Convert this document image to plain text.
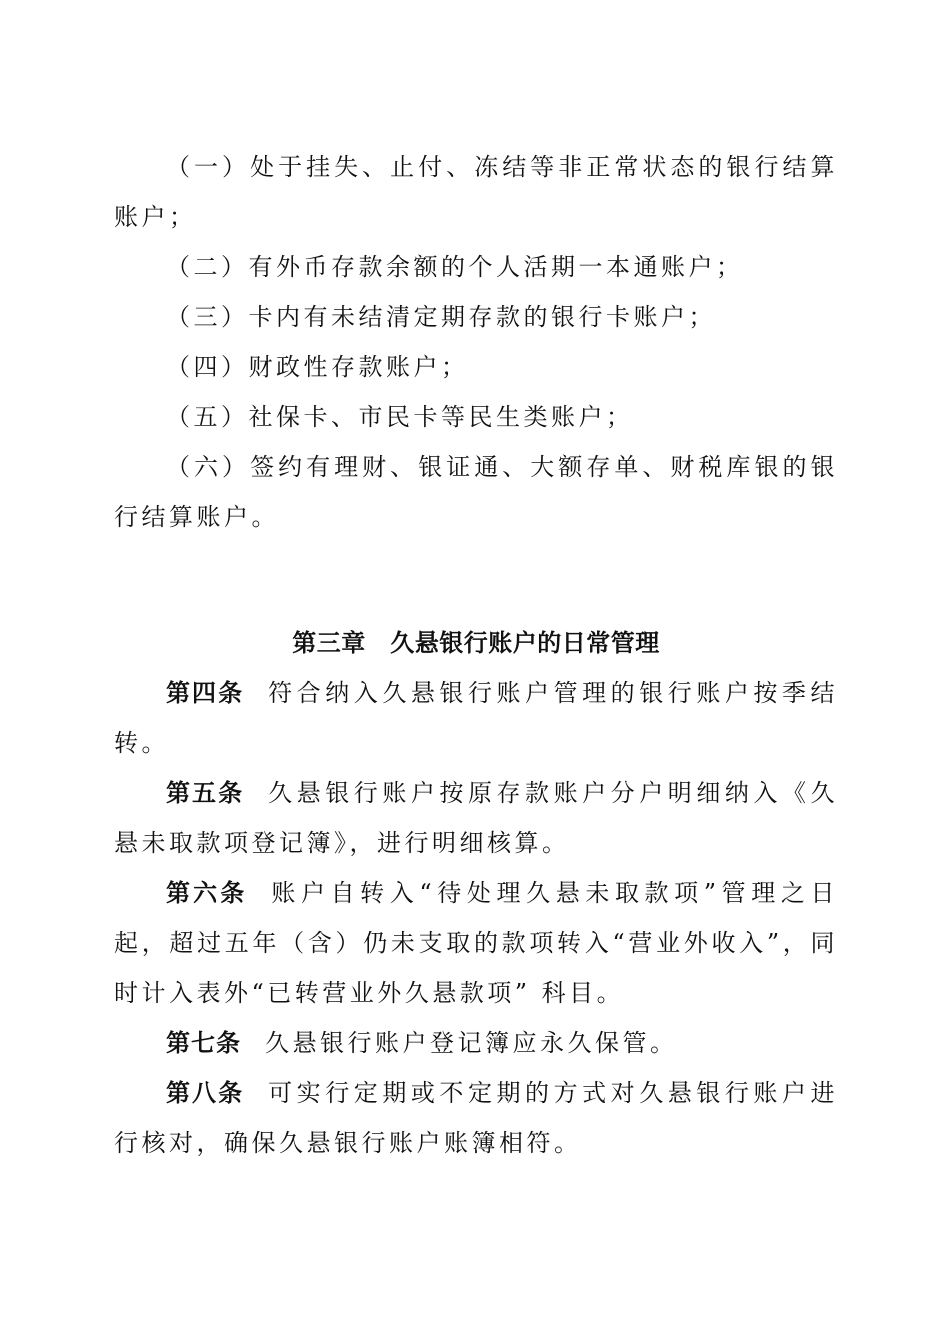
（一）处于挂失、止付、冻结等非正常状态的银行结算账户；

（二）有外币存款余额的个人活期一本通账户；

（三）卡内有未结清定期存款的银行卡账户；

（四）财政性存款账户；

（五）社保卡、市民卡等民生类账户；

（六）签约有理财、银证通、大额存单、财税库银的银行结算账户。

第三章　久悬银行账户的日常管理

第四条 符合纳入久悬银行账户管理的银行账户按季结转。

第五条 久悬银行账户按原存款账户分户明细纳入《久悬未取款项登记簿》，进行明细核算。

第六条 账户自转入“待处理久悬未取款项”管理之日起，超过五年（含）仍未支取的款项转入“营业外收入”，同时计入表外“已转营业外久悬款项” 科目。

第七条 久悬银行账户登记簿应永久保管。

第八条 可实行定期或不定期的方式对久悬银行账户进行核对，确保久悬银行账户账簿相符。
